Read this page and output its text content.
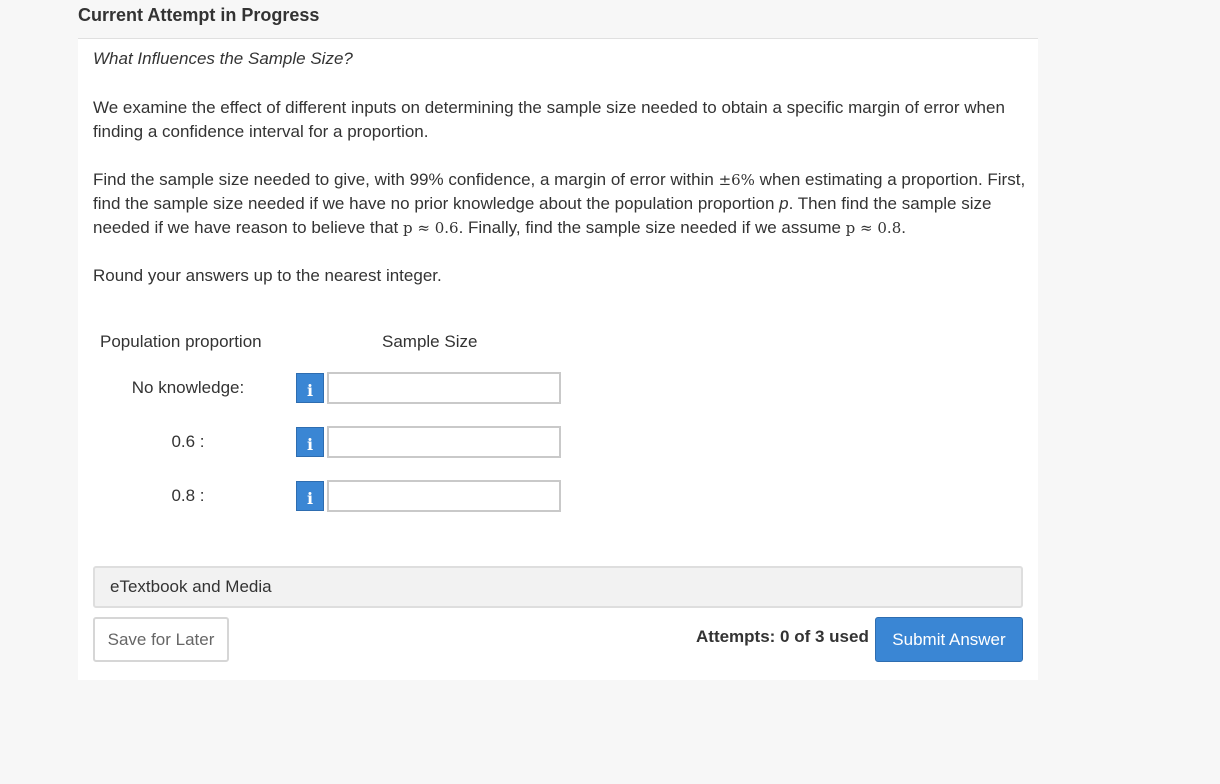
Current Attempt in Progress
What Influences the Sample Size?
We examine the effect of different inputs on determining the sample size needed to obtain a specific margin of error when finding a confidence interval for a proportion.
Find the sample size needed to give, with 99% confidence, a margin of error within ±6% when estimating a proportion. First, find the sample size needed if we have no prior knowledge about the population proportion p. Then find the sample size needed if we have reason to believe that p ≈ 0.6. Finally, find the sample size needed if we assume p ≈ 0.8.
Round your answers up to the nearest integer.
Population proportion	Sample Size
No knowledge:	i
0.6 :	i
0.8 :	i
eTextbook and Media
Save for Later	Attempts: 0 of 3 used	Submit Answer
